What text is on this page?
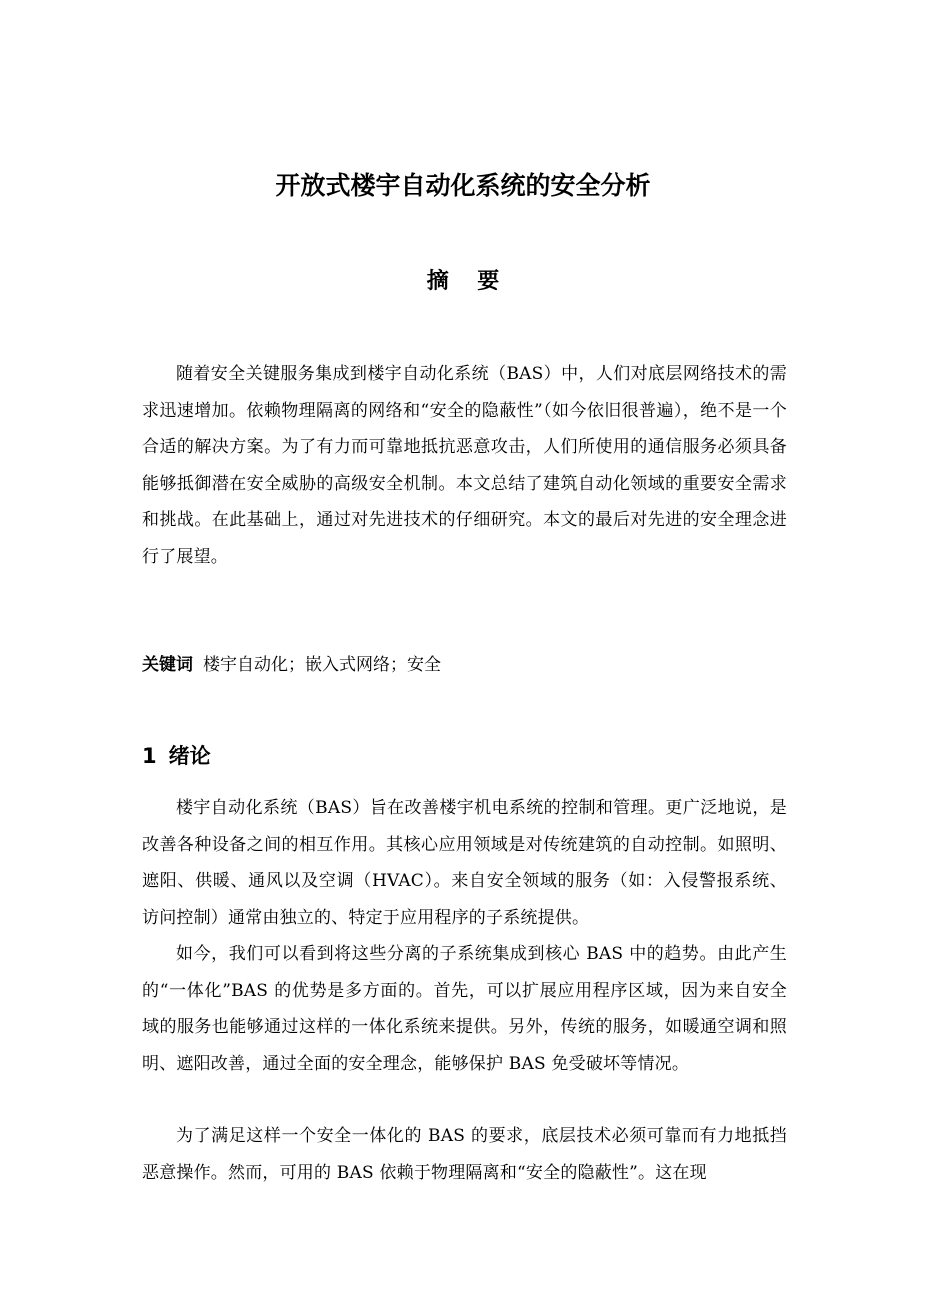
开放式楼宇自动化系统的安全分析
摘要

随着安全关键服务集成到楼宇自动化系统（BAS）中，人们对底层网络技术的需求迅速增加。依赖物理隔离的网络和“安全的隐蔽性”（如今依旧很普遍），绝不是一个合适的解决方案。为了有力而可靠地抵抗恶意攻击，人们所使用的通信服务必须具备能够抵御潜在安全威胁的高级安全机制。本文总结了建筑自动化领域的重要安全需求和挑战。在此基础上，通过对先进技术的仔细研究。本文的最后对先进的安全理念进行了展望。

关键词 楼宇自动化；嵌入式网络；安全
1 绪论

楼宇自动化系统（BAS）旨在改善楼宇机电系统的控制和管理。更广泛地说，是改善各种设备之间的相互作用。其核心应用领域是对传统建筑的自动控制。如照明、遮阳、供暖、通风以及空调（HVAC）。来自安全领域的服务（如：入侵警报系统、访问控制）通常由独立的、特定于应用程序的子系统提供。

如今，我们可以看到将这些分离的子系统集成到核心 BAS 中的趋势。由此产生的“一体化”BAS 的优势是多方面的。首先，可以扩展应用程序区域，因为来自安全域的服务也能够通过这样的一体化系统来提供。另外，传统的服务，如暖通空调和照明、遮阳改善，通过全面的安全理念，能够保护 BAS 免受破坏等情况。

为了满足这样一个安全一体化的 BAS 的要求，底层技术必须可靠而有力地抵挡恶意操作。然而，可用的 BAS 依赖于物理隔离和“安全的隐蔽性”。这在现
